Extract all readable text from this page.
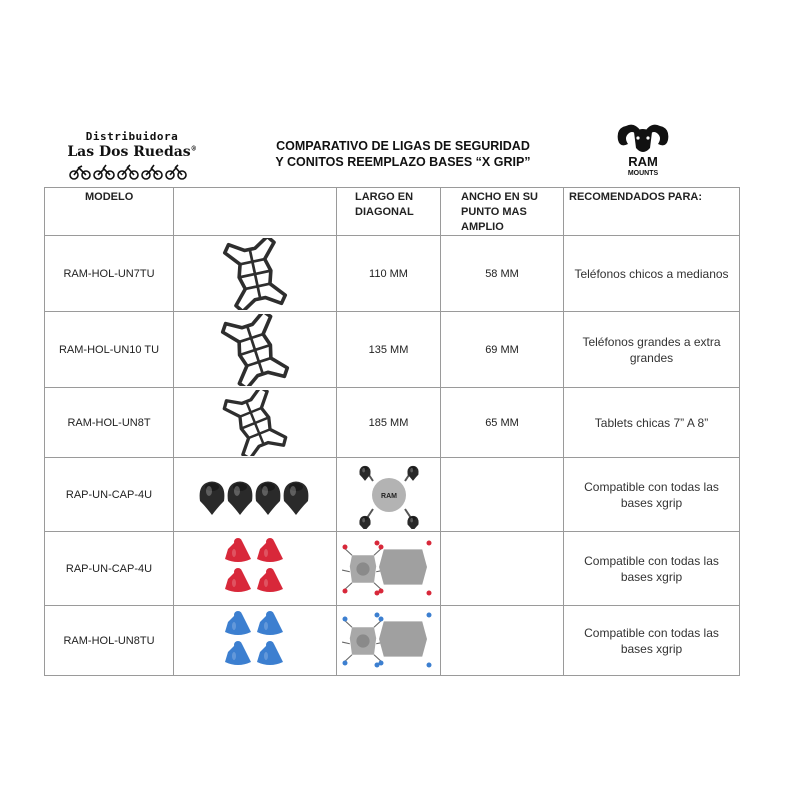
Distribuidora
Las Dos Ruedas®	COMPARATIVO DE LIGAS DE SEGURIDAD
Y CONITOS REEMPLAZO BASES “X GRIP”	RAM
MOUNTS
MODELO		LARGO EN DIAGONAL	ANCHO EN SU PUNTO MAS AMPLIO	RECOMENDADOS PARA:
RAM-HOL-UN7TU		110 MM	58 MM	Teléfonos chicos a medianos
RAM-HOL-UN10 TU		135 MM	69 MM	Teléfonos grandes a extra grandes
RAM-HOL-UN8T		185 MM	65 MM	Tablets chicas 7” A 8”
RAP-UN-CAP-4U		RAM		Compatible con todas las bases xgrip
RAP-UN-CAP-4U				Compatible con todas las bases xgrip
RAM-HOL-UN8TU				Compatible con todas las bases xgrip
